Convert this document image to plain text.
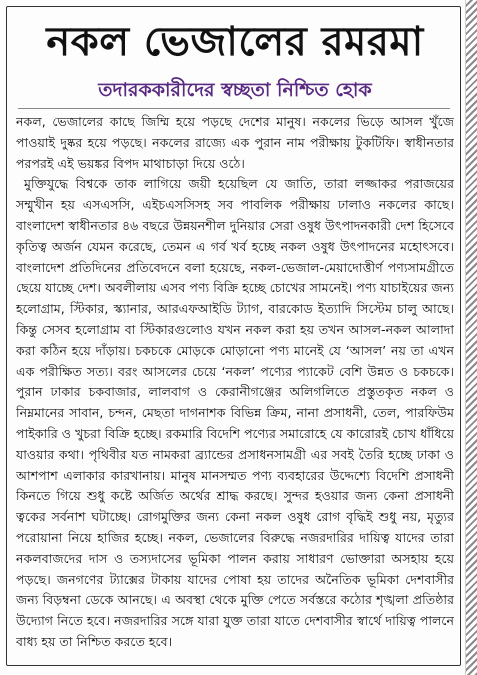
নকল ভেজালের রমরমা
তদারককারীদের স্বচ্ছতা নিশ্চিত হোক

নকল, ভেজালের কাছে জিম্মি হয়ে পড়ছে দেশের মানুষ। নকলের ভিড়ে আসল খুঁজে পাওয়াই দুষ্কর হয়ে পড়ছে। নকলের রাজ্যে এক পুরান নাম পরীক্ষায় টুকটিফি। স্বাধীনতার পরপরই এই ভয়ঙ্কর বিপদ মাথাচাড়া দিয়ে ওঠে।

মুক্তিযুদ্ধে বিশ্বকে তাক লাগিয়ে জয়ী হয়েছিল যে জাতি, তারা লজ্জাকর পরাজয়ের সম্মুখীন হয় এসএসসি, এইচএসসিসহ সব পাবলিক পরীক্ষায় ঢালাও নকলের কাছে। বাংলাদেশ স্বাধীনতার ৪৬ বছরে উন্নয়নশীল দুনিয়ার সেরা ওষুধ উৎপাদনকারী দেশ হিসেবে কৃতিত্ব অর্জন যেমন করেছে, তেমন এ গর্ব খর্ব হচ্ছে নকল ওষুধ উৎপাদনের মহোৎসবে। বাংলাদেশ প্রতিদিনের প্রতিবেদনে বলা হয়েছে, নকল-ভেজাল-মেয়াদোত্তীর্ণ পণ্যসামগ্রীতে ছেয়ে যাচ্ছে দেশ। অবলীলায় এসব পণ্য বিক্রি হচ্ছে চোখের সামনেই। পণ্য যাচাইয়ের জন্য হলোগ্রাম, স্টিকার, স্ক্যানার, আরএফআইডি ট্যাগ, বারকোড ইত্যাদি সিস্টেম চালু আছে। কিন্তু সেসব হলোগ্রাম বা স্টিকারগুলোও যখন নকল করা হয় তখন আসল-নকল আলাদা করা কঠিন হয়ে দাঁড়ায়। চকচকে মোড়কে মোড়ানো পণ্য মানেই যে ‘আসল’ নয় তা এখন এক পরীক্ষিত সত্য। বরং আসলের চেয়ে ‘নকল’ পণ্যের প্যাকেট বেশি উন্নত ও চকচকে। পুরান ঢাকার চকবাজার, লালবাগ ও কেরানীগঞ্জের অলিগলিতে প্রস্তুতকৃত নকল ও নিম্নমানের সাবান, চন্দন, মেছতা দাগনাশক বিভিন্ন ক্রিম, নানা প্রসাধনী, তেল, পারফিউম পাইকারি ও খুচরা বিক্রি হচ্ছে। রকমারি বিদেশি পণ্যের সমারোহে যে কারোরই চোখ ধাঁধিয়ে যাওয়ার কথা। পৃথিবীর যত নামকরা ব্র্যান্ডের প্রসাধনসামগ্রী এর সবই তৈরি হচ্ছে ঢাকা ও আশপাশ এলাকার কারখানায়। মানুষ মানসম্মত পণ্য ব্যবহারের উদ্দেশ্যে বিদেশি প্রসাধনী কিনতে গিয়ে শুধু কষ্টে অর্জিত অর্থের শ্রাদ্ধ করছে। সুন্দর হওয়ার জন্য কেনা প্রসাধনী ত্বকের সর্বনাশ ঘটাচ্ছে। রোগমুক্তির জন্য কেনা নকল ওষুধ রোগ বৃদ্ধিই শুধু নয়, মৃত্যুর পরোয়ানা নিয়ে হাজির হচ্ছে। নকল, ভেজালের বিরুদ্ধে নজরদারির দায়িত্ব যাদের তারা নকলবাজদের দাস ও তস্যদাসের ভূমিকা পালন করায় সাধারণ ভোক্তারা অসহায় হয়ে পড়ছে। জনগণের ট্যাক্সের টাকায় যাদের পোষা হয় তাদের অনৈতিক ভূমিকা দেশবাসীর জন্য বিড়ম্বনা ডেকে আনছে। এ অবস্থা থেকে মুক্তি পেতে সর্বস্তরে কঠোর শৃঙ্খলা প্রতিষ্ঠার উদ্যোগ নিতে হবে। নজরদারির সঙ্গে যারা যুক্ত তারা যাতে দেশবাসীর স্বার্থে দায়িত্ব পালনে বাধ্য হয় তা নিশ্চিত করতে হবে।
